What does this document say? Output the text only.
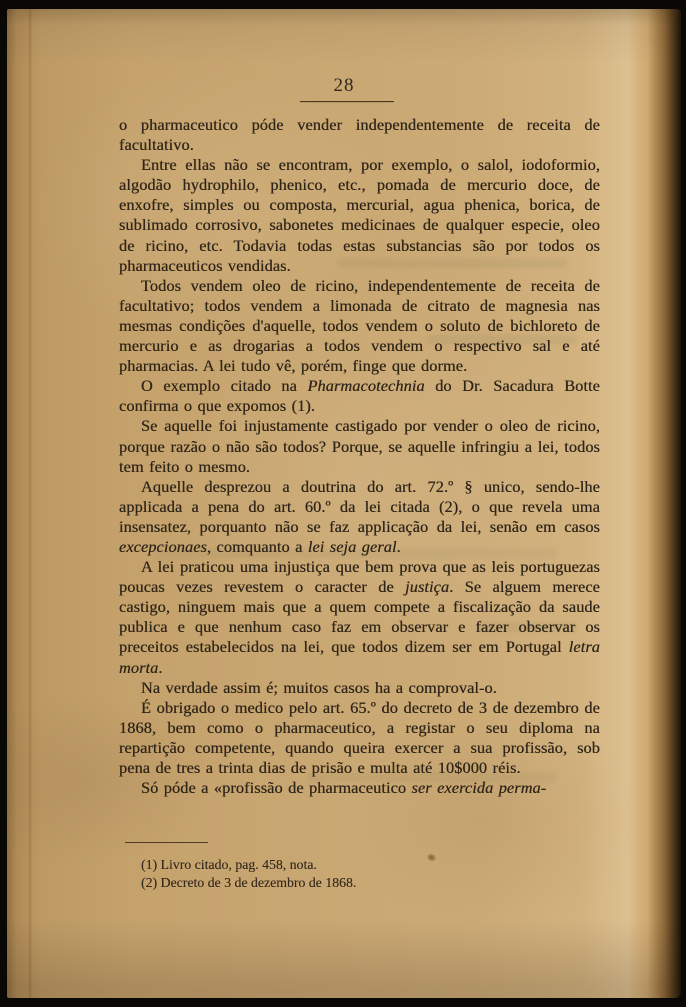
28

o pharmaceutico póde vender independentemente de receita de facultativo.

Entre ellas não se encontram, por exemplo, o salol, iodoformio, algodão hydrophilo, phenico, etc., pomada de mercurio doce, de enxofre, simples ou composta, mercurial, agua phenica, borica, de sublimado corrosivo, sabonetes medicinaes de qualquer especie, oleo de ricino, etc. Todavia todas estas substancias são por todos os pharmaceuticos vendidas.

Todos vendem oleo de ricino, independentemente de receita de facultativo; todos vendem a limonada de citrato de magnesia nas mesmas condições d'aquelle, todos vendem o soluto de bichloreto de mercurio e as drogarias a todos vendem o respectivo sal e até pharmacias. A lei tudo vê, porém, finge que dorme.

O exemplo citado na Pharmacotechnia do Dr. Sacadura Botte confirma o que expomos (1).

Se aquelle foi injustamente castigado por vender o oleo de ricino, porque razão o não são todos? Porque, se aquelle infringiu a lei, todos tem feito o mesmo.

Aquelle desprezou a doutrina do art. 72.º § unico, sendo-lhe applicada a pena do art. 60.º da lei citada (2), o que revela uma insensatez, porquanto não se faz applicação da lei, senão em casos excepcionaes, comquanto a lei seja geral.

A lei praticou uma injustiça que bem prova que as leis portuguezas poucas vezes revestem o caracter de justiça. Se alguem merece castigo, ninguem mais que a quem compete a fiscalização da saude publica e que nenhum caso faz em observar e fazer observar os preceitos estabelecidos na lei, que todos dizem ser em Portugal letra morta.

Na verdade assim é; muitos casos ha a comproval-o.

É obrigado o medico pelo art. 65.º do decreto de 3 de dezembro de 1868, bem como o pharmaceutico, a registar o seu diploma na repartição competente, quando queira exercer a sua profissão, sob pena de tres a trinta dias de prisão e multa até 10$000 réis.

Só póde a «profissão de pharmaceutico ser exercida perma-

(1) Livro citado, pag. 458, nota.
(2) Decreto de 3 de dezembro de 1868.
